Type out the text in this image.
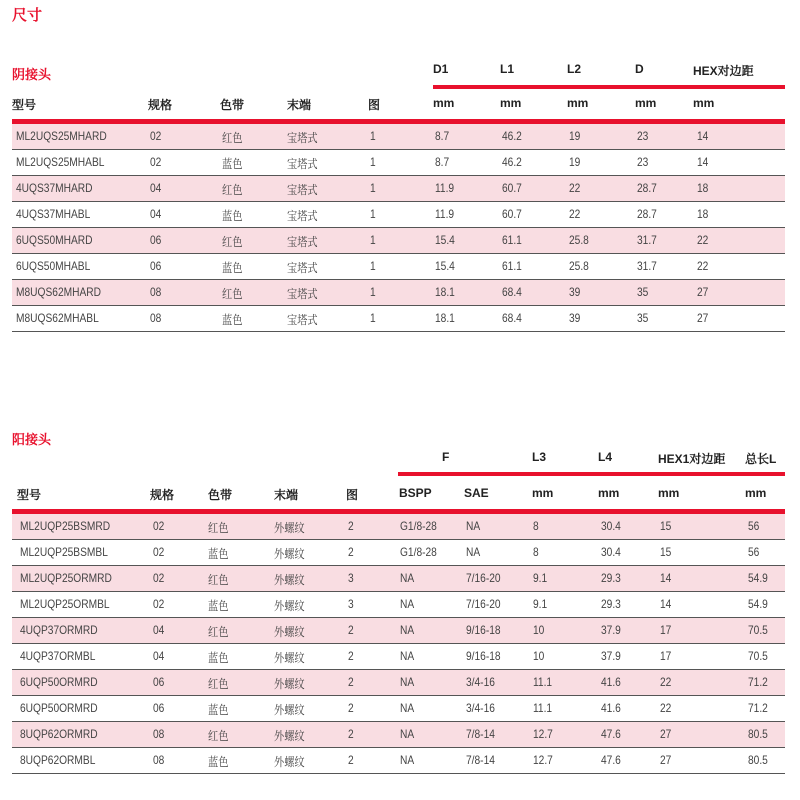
尺寸
阴接头	D1	L1	L2	D	HEX对边距
型号	规格	色带	末端	图	mm	mm	mm	mm	mm
ML2UQS25MHARD	02	红色	宝塔式	1	8.7	46.2	19	23	14
ML2UQS25MHABL	02	蓝色	宝塔式	1	8.7	46.2	19	23	14
4UQS37MHARD	04	红色	宝塔式	1	11.9	60.7	22	28.7	18
4UQS37MHABL	04	蓝色	宝塔式	1	11.9	60.7	22	28.7	18
6UQS50MHARD	06	红色	宝塔式	1	15.4	61.1	25.8	31.7	22
6UQS50MHABL	06	蓝色	宝塔式	1	15.4	61.1	25.8	31.7	22
M8UQS62MHARD	08	红色	宝塔式	1	18.1	68.4	39	35	27
M8UQS62MHABL	08	蓝色	宝塔式	1	18.1	68.4	39	35	27
阳接头
F	L3	L4	HEX1对边距 总长L
型号	规格	色带	末端	图	BSPP	SAE	mm	mm	mm	mm
ML2UQP25BSMRD	02	红色	外螺纹	2	G1/8-28 NA	8	30.4	15	56
ML2UQP25BSMBL	02	蓝色	外螺纹	2	G1/8-28 NA	8	30.4	15	56
ML2UQP25ORMRD	02	红色	外螺纹	3	NA	7/16-20	9.1	29.3	14	54.9
ML2UQP25ORMBL	02	蓝色	外螺纹	3	NA	7/16-20	9.1	29.3	14	54.9
4UQP37ORMRD	04	红色	外螺纹	2	NA	9/16-18	10	37.9	17	70.5
4UQP37ORMBL	04	蓝色	外螺纹	2	NA	9/16-18	10	37.9	17	70.5
6UQP50ORMRD	06	红色	外螺纹	2	NA	3/4-16	11.1	41.6	22	71.2
6UQP50ORMRD	06	蓝色	外螺纹	2	NA	3/4-16	11.1	41.6	22	71.2
8UQP62ORMRD	08	红色	外螺纹	2	NA	7/8-14	12.7	47.6	27	80.5
8UQP62ORMBL	08	蓝色	外螺纹	2	NA	7/8-14	12.7	47.6	27	80.5
